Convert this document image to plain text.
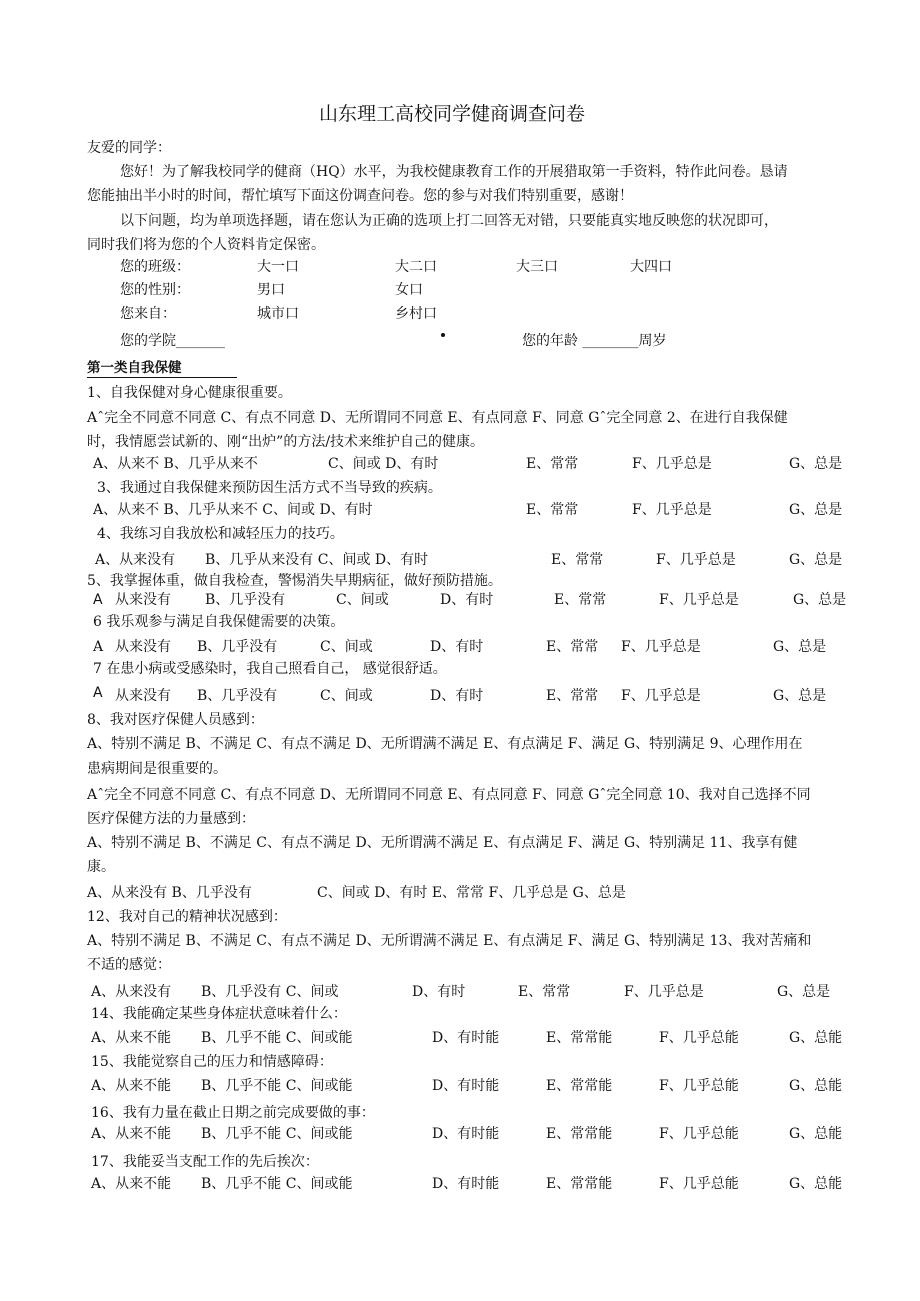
山东理工高校同学健商调查问卷
友爱的同学：
您好！为了解我校同学的健商（HQ）水平，为我校健康教育工作的开展猎取第一手资料，特作此问卷。恳请
您能抽出半小时的时间，帮忙填写下面这份调查问卷。您的参与对我们特别重要，感谢！
以下问题，均为单项选择题，请在您认为正确的选项上打二回答无对错，只要能真实地反映您的状况即可，
同时我们将为您的个人资料肯定保密。
您的班级：	大一口	大二口	大三口	大四口
您的性别：	男口	女口
您来自：	城市口	乡村口
您的学院_______	您的年龄 ________周岁
第一类自我保健
1、自我保健对身心健康很重要。
Aˆ完全不同意不同意 C、有点不同意 D、无所谓同不同意 E、有点同意 F、同意 Gˆ完全同意 2、在进行自我保健
时，我情愿尝试新的、刚“出炉”的方法/技术来维护自己的健康。
A、从来不 B、几乎从来不	C、间或 D、有时	E、常常	F、几乎总是	G、总是
3、我通过自我保健来预防因生活方式不当导致的疾病。
A、从来不 B、几乎从来不 C、间或 D、有时	E、常常	F、几乎总是	G、总是
4、我练习自我放松和减轻压力的技巧。
A、从来没有 B、几乎从来没有 C、间或 D、有时	E、常常	F、几乎总是	G、总是
5、我掌握体重，做自我检查，警惕消失早期病征，做好预防措施。
A 从来没有 B、几乎没有	C、间或	D、有时	E、常常	F、几乎总是	G、总是
6 我乐观参与满足自我保健需要的决策。
A 从来没有 B、几乎没有	C、间或	D、有时	E、常常 F、几乎总是	G、总是
7 在患小病或受感染时，我自己照看自己， 感觉很舒适。
A 从来没有 B、几乎没有	C、间或	D、有时	E、常常 F、几乎总是	G、总是
8、我对医疗保健人员感到：
A、特别不满足 B、不满足 C、有点不满足 D、无所谓满不满足 E、有点满足 F、满足 G、特别满足 9、心理作用在
患病期间是很重要的。
Aˆ完全不同意不同意 C、有点不同意 D、无所谓同不同意 E、有点同意 F、同意 Gˆ完全同意 10、我对自己选择不同
医疗保健方法的力量感到：
A、特别不满足 B、不满足 C、有点不满足 D、无所谓满不满足 E、有点满足 F、满足 G、特别满足 11、我享有健
康。
A、从来没有 B、几乎没有	C、间或 D、有时 E、常常 F、几乎总是 G、总是
12、我对自己的精神状况感到：
A、特别不满足 B、不满足 C、有点不满足 D、无所谓满不满足 E、有点满足 F、满足 G、特别满足 13、我对苦痛和
不适的感觉：
A、从来没有 B、几乎没有 C、间或	D、有时	E、常常	F、几乎总是	G、总是
14、我能确定某些身体症状意味着什么：
A、从来不能 B、几乎不能 C、间或能	D、有时能	E、常常能	F、几乎总能	G、总能
15、我能觉察自己的压力和情感障碍：
A、从来不能 B、几乎不能 C、间或能	D、有时能	E、常常能	F、几乎总能	G、总能
16、我有力量在截止日期之前完成要做的事：
A、从来不能 B、几乎不能 C、间或能	D、有时能	E、常常能	F、几乎总能	G、总能
17、我能妥当支配工作的先后挨次：
A、从来不能 B、几乎不能 C、间或能	D、有时能	E、常常能	F、几乎总能	G、总能
